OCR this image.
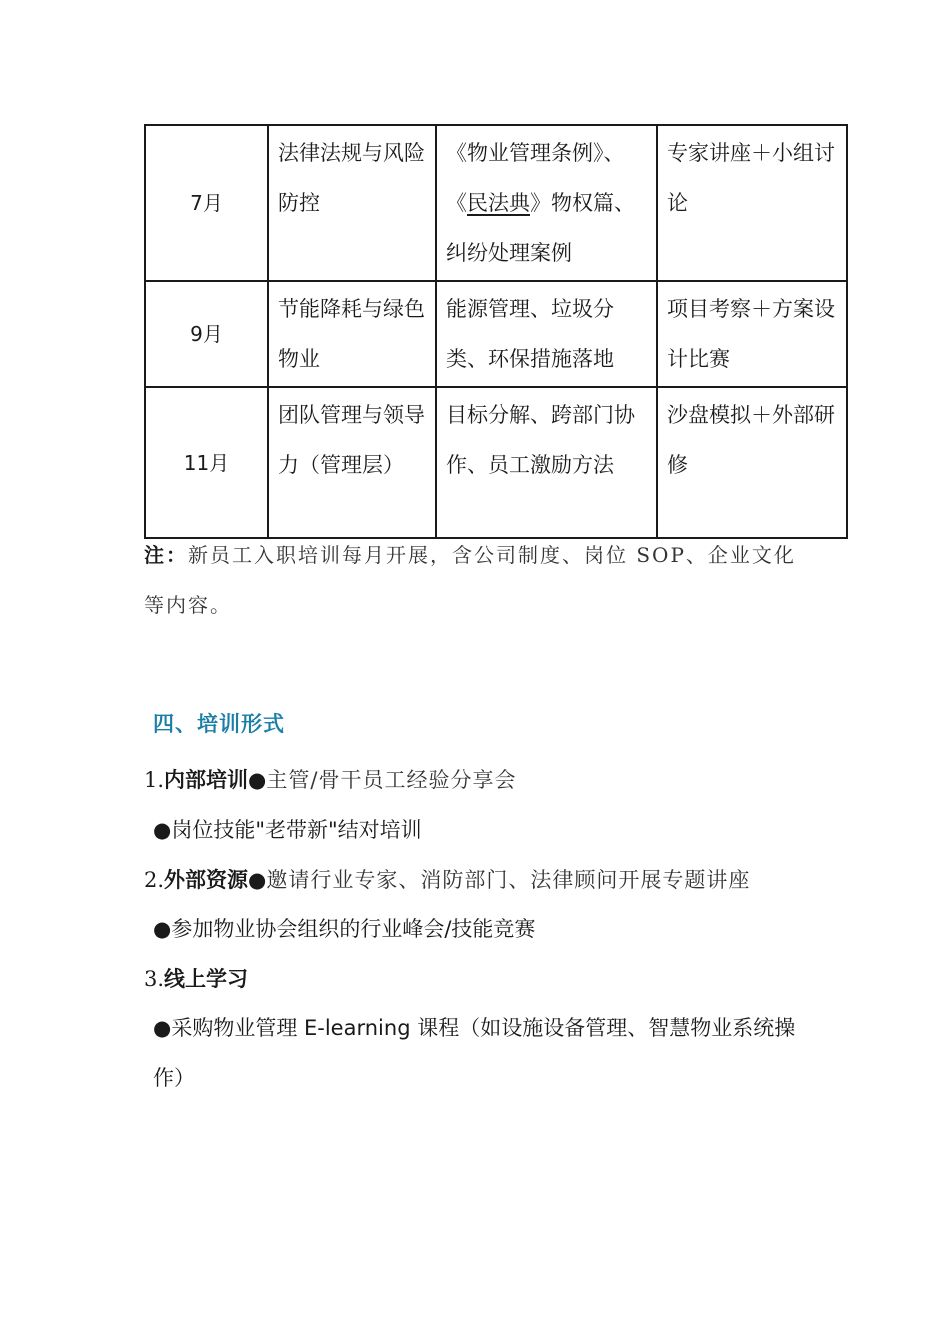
7月	法律法规与风险防控	《物业管理条例》、《民法典》物权篇、纠纷处理案例	专家讲座＋小组讨论
9月	节能降耗与绿色物业	能源管理、垃圾分类、环保措施落地	项目考察＋方案设计比赛
11月	团队管理与领导力（管理层）	目标分解、跨部门协作、员工激励方法	沙盘模拟＋外部研修
注：新员工入职培训每月开展，含公司制度、岗位 SOP、企业文化等内容。
四、培训形式
1.内部培训●主管/骨干员工经验分享会
●岗位技能"老带新"结对培训
2.外部资源●邀请行业专家、消防部门、法律顾问开展专题讲座
●参加物业协会组织的行业峰会/技能竞赛
3.线上学习
●采购物业管理 E-learning 课程（如设施设备管理、智慧物业系统操作）
